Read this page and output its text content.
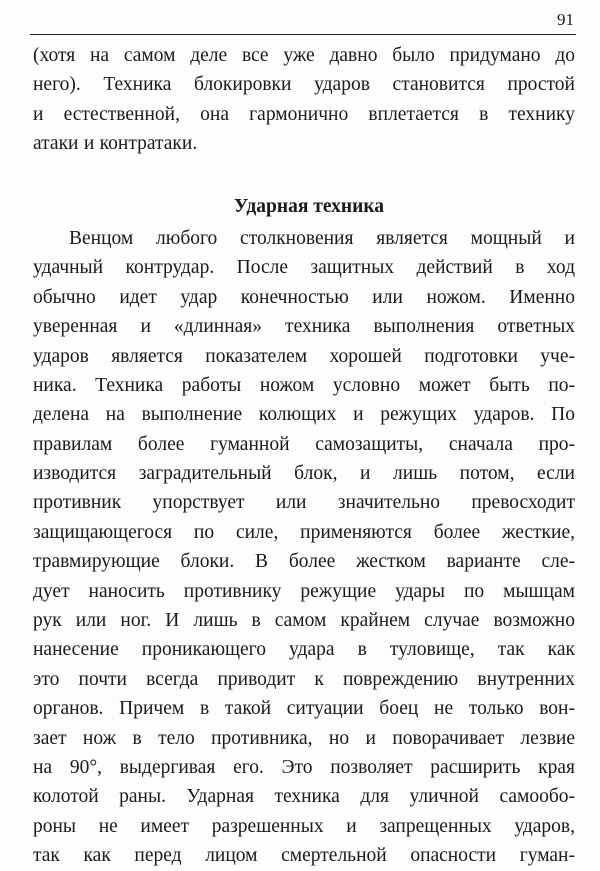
91
(хотя на самом деле все уже давно было придумано до
него). Техника блокировки ударов становится простой
и естественной, она гармонично вплетается в технику
атаки и контратаки.
Ударная техника
Венцом любого столкновения является мощный и
удачный контрудар. После защитных действий в ход
обычно идет удар конечностью или ножом. Именно
уверенная и «длинная» техника выполнения ответных
ударов является показателем хорошей подготовки уче-
ника. Техника работы ножом условно может быть по-
делена на выполнение колющих и режущих ударов. По
правилам более гуманной самозащиты, сначала про-
изводится заградительный блок, и лишь потом, если
противник упорствует или значительно превосходит
защищающегося по силе, применяются более жесткие,
травмирующие блоки. В более жестком варианте сле-
дует наносить противнику режущие удары по мышцам
рук или ног. И лишь в самом крайнем случае возможно
нанесение проникающего удара в туловище, так как
это почти всегда приводит к повреждению внутренних
органов. Причем в такой ситуации боец не только вон-
зает нож в тело противника, но и поворачивает лезвие
на 90°, выдергивая его. Это позволяет расширить края
колотой раны. Ударная техника для уличной самообо-
роны не имеет разрешенных и запрещенных ударов,
так как перед лицом смертельной опасности гуман-
